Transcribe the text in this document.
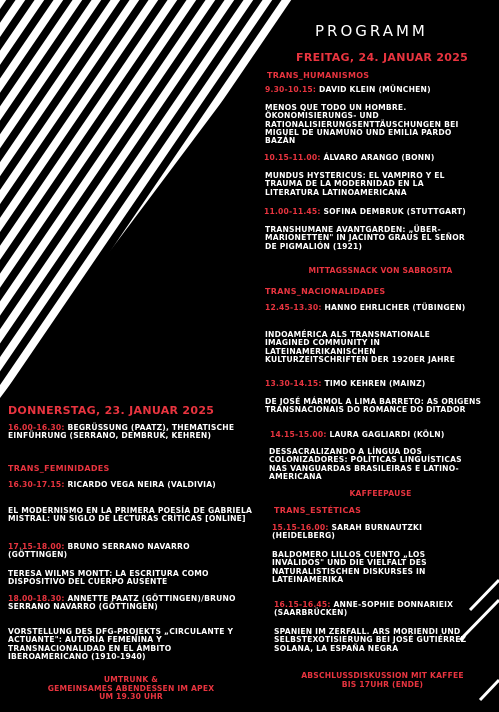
PROGRAMM
FREITAG, 24. JANUAR 2025
TRANS_HUMANISMOS
9.30-10.15: DAVID KLEIN (MÜNCHEN)
MENOS QUE TODO UN HOMBRE. ÖKONOMISIERUNGS- UND RATIONALISIERUNGSENTTÄUSCHUNGEN BEI MIGUEL DE UNAMUNO UND EMILIA PARDO BAZÁN
10.15-11.00: ÁLVARO ARANGO (BONN)
MUNDUS HYSTERICUS: EL VAMPIRO Y EL TRAUMA DE LA MODERNIDAD EN LA LITERATURA LATINOAMERICANA
11.00-11.45: SOFINA DEMBRUK (STUTTGART)
TRANSHUMANE AVANTGARDEN: „ÜBER-MARIONETTEN" IN JACINTO GRAUS EL SEÑOR DE PIGMALIÓN (1921)
MITTAGSSNACK VON SABROSITA
TRANS_NACIONALIDADES
12.45-13.30: HANNO EHRLICHER (TÜBINGEN)
INDOAMÉRICA ALS TRANSNATIONALE IMAGINED COMMUNITY IN LATEINAMERIKANISCHEN KULTURZEITSCHRIFTEN DER 1920ER JAHRE
13.30-14.15: TIMO KEHREN (MAINZ)
DE JOSÉ MÁRMOL A LIMA BARRETO: AS ORIGENS TRANSNACIONAIS DO ROMANCE DO DITADOR
14.15-15.00: LAURA GAGLIARDI (KÖLN)
DESSACRALIZANDO A LÍNGUA DOS COLONIZADORES: POLÍTICAS LINGUÍSTICAS NAS VANGUARDAS BRASILEIRAS E LATINO-AMERICANA
KAFFEEPAUSE
TRANS_ESTÉTICAS
15.15-16.00: SARAH BURNAUTZKI (HEIDELBERG)
BALDOMERO LILLOS CUENTO „LOS INVÁLIDOS" UND DIE VIELFALT DES NATURALISTISCHEN DISKURSES IN LATEINAMERIKA
16.15-16.45: ANNE-SOPHIE DONNARIEIX (SAARBRÜCKEN)
SPANIEN IM ZERFALL. ARS MORIENDI UND SELBSTEXOTISIERUNG BEI JOSÉ GUTIÉRREZ SOLANA, LA ESPAÑA NEGRA
ABSCHLUSSDISKUSSION MIT KAFFEE
BIS 17UHR (ENDE)
DONNERSTAG, 23. JANUAR 2025
16.00-16.30: BEGRÜSSUNG (PAATZ), THEMATISCHE EINFÜHRUNG (SERRANO, DEMBRUK, KEHREN)
TRANS_FEMINIDADES
16.30-17.15: RICARDO VEGA NEIRA (VALDIVIA)
EL MODERNISMO EN LA PRIMERA POESÍA DE GABRIELA MISTRAL: UN SIGLO DE LECTURAS CRÍTICAS [ONLINE]
17.15-18.00: BRUNO SERRANO NAVARRO (GÖTTINGEN)
TERESA WILMS MONTT: LA ESCRITURA COMO DISPOSITIVO DEL CUERPO AUSENTE
18.00-18.30: ANNETTE PAATZ (GÖTTINGEN)/BRUNO SERRANO NAVARRO (GÖTTINGEN)
VORSTELLUNG DES DFG-PROJEKTS „CIRCULANTE Y ACTUANTE": AUTORÍA FEMENINA Y TRANSNACIONALIDAD EN EL ÁMBITO IBEROAMERICANO (1910-1940)
UMTRUNK &
GEMEINSAMES ABENDESSEN IM APEX
UM 19.30 UHR
